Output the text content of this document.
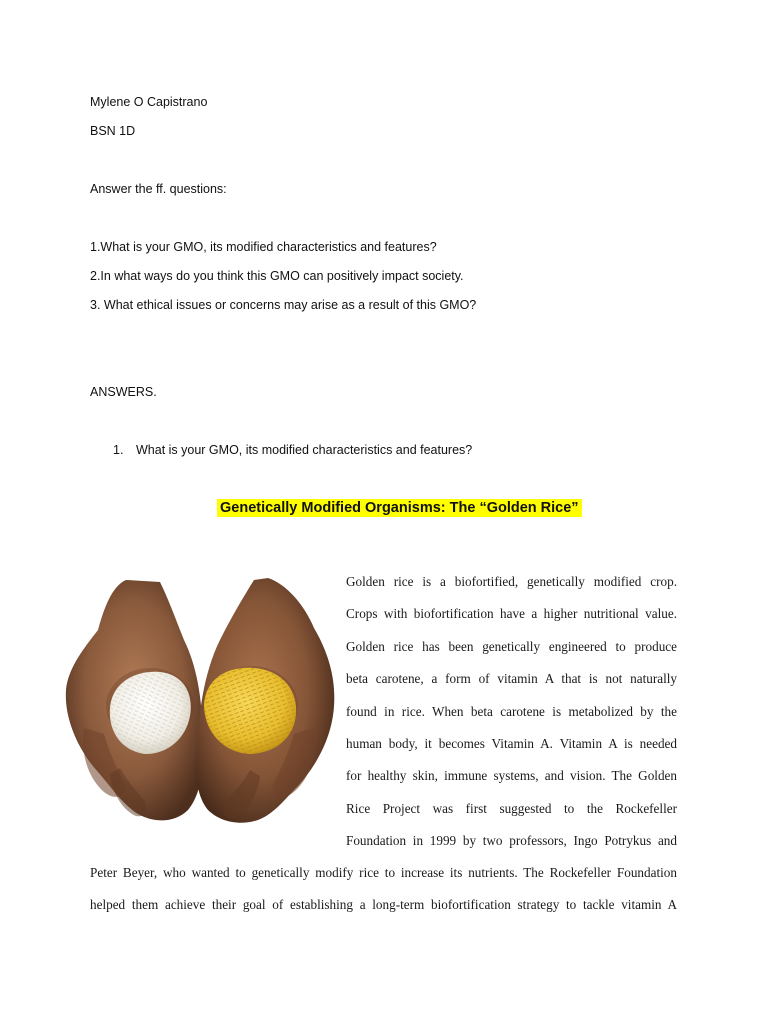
Mylene O Capistrano
BSN 1D
Answer the ff. questions:
1.What is your GMO, its modified characteristics and features?
2.In what ways do you think this GMO can positively impact society.
3. What ethical issues or concerns may arise as a result of this GMO?
ANSWERS.
1. What is your GMO, its modified characteristics and features?
Genetically Modified Organisms: The “Golden Rice”
Golden rice is a biofortified, genetically modified crop.
Crops with biofortification have a higher nutritional value.
Golden rice has been genetically engineered to produce
beta carotene, a form of vitamin A that is not naturally
found in rice. When beta carotene is metabolized by the
human body, it becomes Vitamin A. Vitamin A is needed
for healthy skin, immune systems, and vision. The Golden
Rice Project was first suggested to the Rockefeller
Foundation in 1999 by two professors, Ingo Potrykus and
Peter Beyer, who wanted to genetically modify rice to increase its nutrients. The Rockefeller Foundation
helped them achieve their goal of establishing a long-term biofortification strategy to tackle vitamin A
